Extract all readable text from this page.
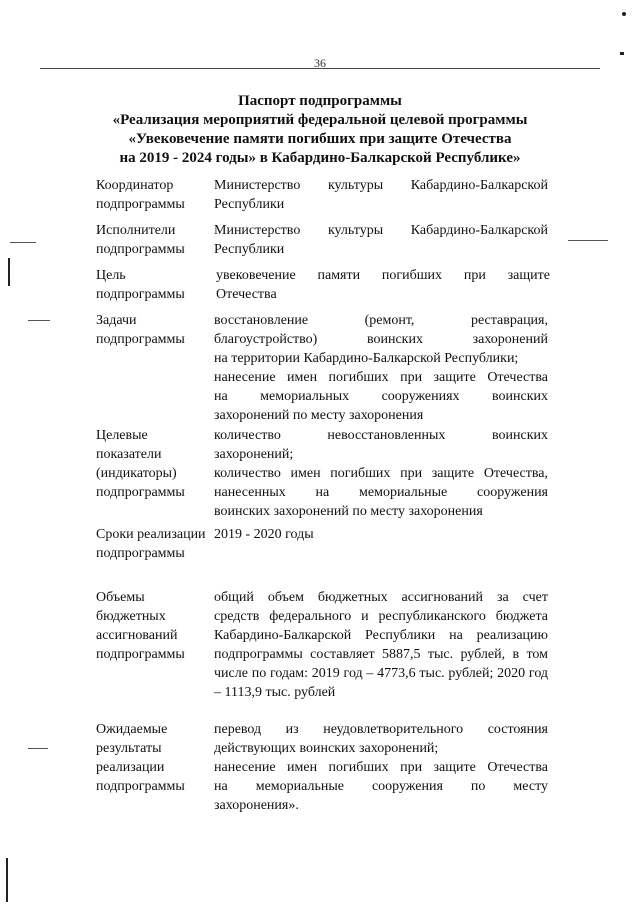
36
Паспорт подпрограммы
«Реализация мероприятий федеральной целевой программы
«Увековечение памяти погибших при защите Отечества
на 2019 - 2024 годы» в Кабардино-Балкарской Республике»
Координатор подпрограммы
Министерство культуры Кабардино-Балкарской
Республики
Исполнители подпрограммы
Министерство культуры Кабардино-Балкарской
Республики
Цель подпрограммы
увековечение памяти погибших при защите
Отечества
Задачи подпрограммы
восстановление (ремонт, реставрация,
благоустройство) воинских захоронений
на территории Кабардино-Балкарской Республики;
нанесение имен погибших при защите Отечества
на мемориальных сооружениях воинских
захоронений по месту захоронения
Целевые показатели (индикаторы) подпрограммы
количество невосстановленных воинских
захоронений;
количество имен погибших при защите Отечества,
нанесенных на мемориальные сооружения
воинских захоронений по месту захоронения
Сроки реализации подпрограммы
2019 - 2020 годы
Объемы бюджетных ассигнований подпрограммы
общий объем бюджетных ассигнований за счет
средств федерального и республиканского бюджета
Кабардино-Балкарской Республики на реализацию
подпрограммы составляет 5887,5 тыс. рублей, в том
числе по годам: 2019 год – 4773,6 тыс. рублей; 2020 год – 1113,9 тыс. рублей
Ожидаемые результаты реализации подпрограммы
перевод из неудовлетворительного состояния
действующих воинских захоронений;
нанесение имен погибших при защите Отечества
на мемориальные сооружения по месту
захоронения».
